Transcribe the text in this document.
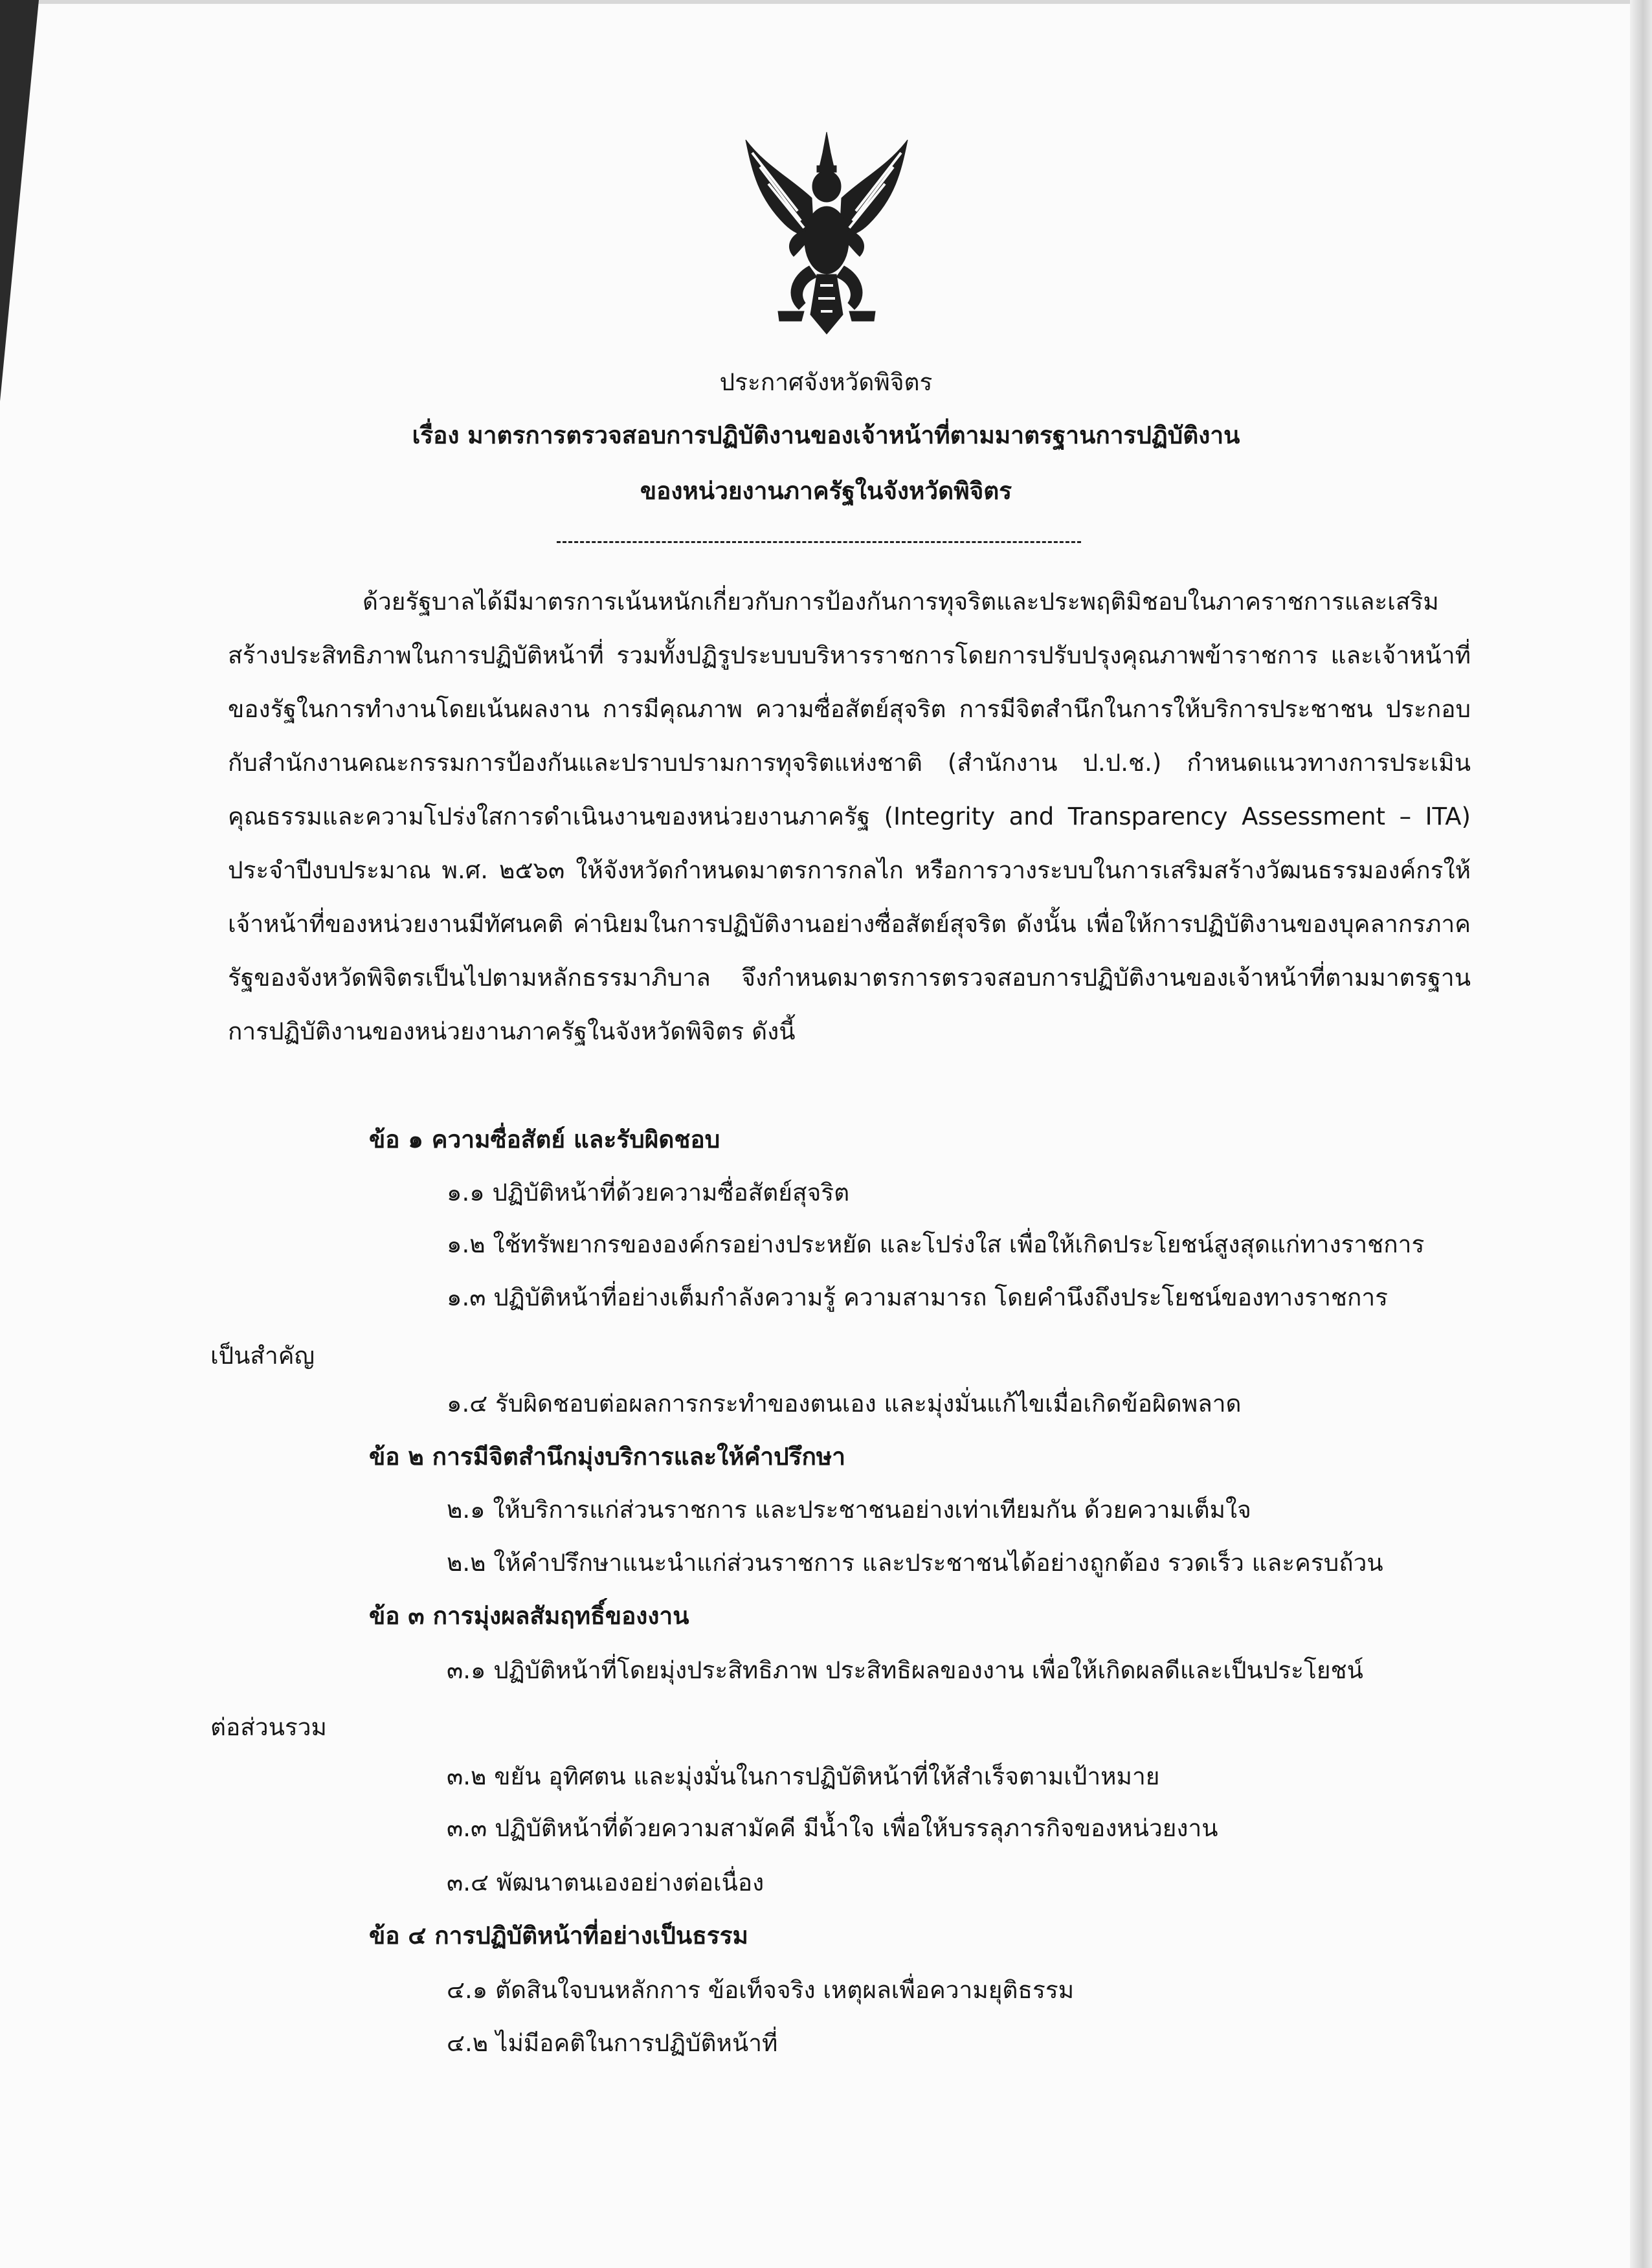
ประกาศจังหวัดพิจิตร
เรื่อง มาตรการตรวจสอบการปฏิบัติงานของเจ้าหน้าที่ตามมาตรฐานการปฏิบัติงาน
ของหน่วยงานภาครัฐในจังหวัดพิจิตร
ด้วยรัฐบาลได้มีมาตรการเน้นหนักเกี่ยวกับการป้องกันการทุจริตและประพฤติมิชอบในภาคราชการและเสริมสร้างประสิทธิภาพในการปฏิบัติหน้าที่ รวมทั้งปฏิรูประบบบริหารราชการโดยการปรับปรุงคุณภาพข้าราชการ และเจ้าหน้าที่ของรัฐในการทำงานโดยเน้นผลงาน การมีคุณภาพ ความซื่อสัตย์สุจริต การมีจิตสำนึกในการให้บริการประชาชน ประกอบกับสำนักงานคณะกรรมการป้องกันและปราบปรามการทุจริตแห่งชาติ (สำนักงาน ป.ป.ช.) กำหนดแนวทางการประเมินคุณธรรมและความโปร่งใสการดำเนินงานของหน่วยงานภาครัฐ (Integrity and Transparency Assessment – ITA) ประจำปีงบประมาณ พ.ศ. ๒๕๖๓ ให้จังหวัดกำหนดมาตรการกลไก หรือการวางระบบในการเสริมสร้างวัฒนธรรมองค์กรให้เจ้าหน้าที่ของหน่วยงานมีทัศนคติ ค่านิยมในการปฏิบัติงานอย่างซื่อสัตย์สุจริต ดังนั้น เพื่อให้การปฏิบัติงานของบุคลากรภาครัฐของจังหวัดพิจิตรเป็นไปตามหลักธรรมาภิบาล จึงกำหนดมาตรการตรวจสอบการปฏิบัติงานของเจ้าหน้าที่ตามมาตรฐานการปฏิบัติงานของหน่วยงานภาครัฐในจังหวัดพิจิตร ดังนี้
ข้อ ๑ ความซื่อสัตย์ และรับผิดชอบ
๑.๑ ปฏิบัติหน้าที่ด้วยความซื่อสัตย์สุจริต
๑.๒ ใช้ทรัพยากรขององค์กรอย่างประหยัด และโปร่งใส เพื่อให้เกิดประโยชน์สูงสุดแก่ทางราชการ
๑.๓ ปฏิบัติหน้าที่อย่างเต็มกำลังความรู้ ความสามารถ โดยคำนึงถึงประโยชน์ของทางราชการ
เป็นสำคัญ
๑.๔ รับผิดชอบต่อผลการกระทำของตนเอง และมุ่งมั่นแก้ไขเมื่อเกิดข้อผิดพลาด
ข้อ ๒ การมีจิตสำนึกมุ่งบริการและให้คำปรึกษา
๒.๑ ให้บริการแก่ส่วนราชการ และประชาชนอย่างเท่าเทียมกัน ด้วยความเต็มใจ
๒.๒ ให้คำปรึกษาแนะนำแก่ส่วนราชการ และประชาชนได้อย่างถูกต้อง รวดเร็ว และครบถ้วน
ข้อ ๓ การมุ่งผลสัมฤทธิ์ของงาน
๓.๑ ปฏิบัติหน้าที่โดยมุ่งประสิทธิภาพ ประสิทธิผลของงาน เพื่อให้เกิดผลดีและเป็นประโยชน์
ต่อส่วนรวม
๓.๒ ขยัน อุทิศตน และมุ่งมั่นในการปฏิบัติหน้าที่ให้สำเร็จตามเป้าหมาย
๓.๓ ปฏิบัติหน้าที่ด้วยความสามัคคี มีน้ำใจ เพื่อให้บรรลุภารกิจของหน่วยงาน
๓.๔ พัฒนาตนเองอย่างต่อเนื่อง
ข้อ ๔ การปฏิบัติหน้าที่อย่างเป็นธรรม
๔.๑ ตัดสินใจบนหลักการ ข้อเท็จจริง เหตุผลเพื่อความยุติธรรม
๔.๒ ไม่มีอคติในการปฏิบัติหน้าที่
